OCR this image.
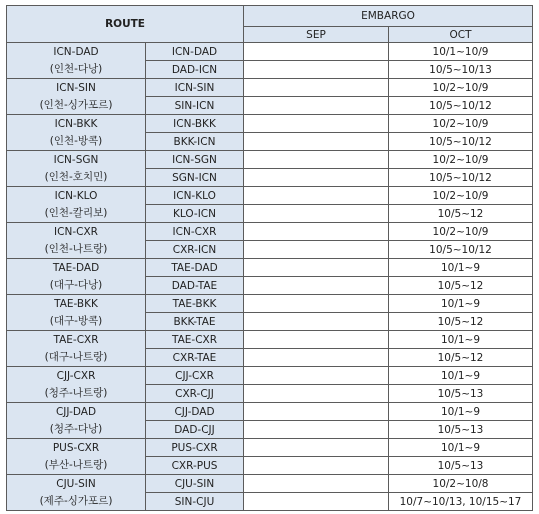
ROUTE		EMBARGO	
		SEP	OCT

ICN-DAD
(인천-다낭)	ICN-DAD		10/1~10/9
	DAD-ICN		10/5~10/13

ICN-SIN
(인천-싱가포르)	ICN-SIN		10/2~10/9
	SIN-ICN		10/5~10/12

ICN-BKK
(인천-방콕)	ICN-BKK		10/2~10/9
	BKK-ICN		10/5~10/12

ICN-SGN
(인천-호치민)	ICN-SGN		10/2~10/9
	SGN-ICN		10/5~10/12

ICN-KLO
(인천-칼리보)	ICN-KLO		10/2~10/9
	KLO-ICN		10/5~12

ICN-CXR
(인천-나트랑)	ICN-CXR		10/2~10/9
	CXR-ICN		10/5~10/12

TAE-DAD
(대구-다낭)	TAE-DAD		10/1~9
	DAD-TAE		10/5~12

TAE-BKK
(대구-방콕)	TAE-BKK		10/1~9
	BKK-TAE		10/5~12

TAE-CXR
(대구-나트랑)	TAE-CXR		10/1~9
	CXR-TAE		10/5~12

CJJ-CXR
(청주-나트랑)	CJJ-CXR		10/1~9
	CXR-CJJ		10/5~13

CJJ-DAD
(청주-다낭)	CJJ-DAD		10/1~9
	DAD-CJJ		10/5~13

PUS-CXR
(부산-나트랑)	PUS-CXR		10/1~9
	CXR-PUS		10/5~13

CJU-SIN
(제주-싱가포르)	CJU-SIN		10/2~10/8
	SIN-CJU		10/7~10/13, 10/15~17
